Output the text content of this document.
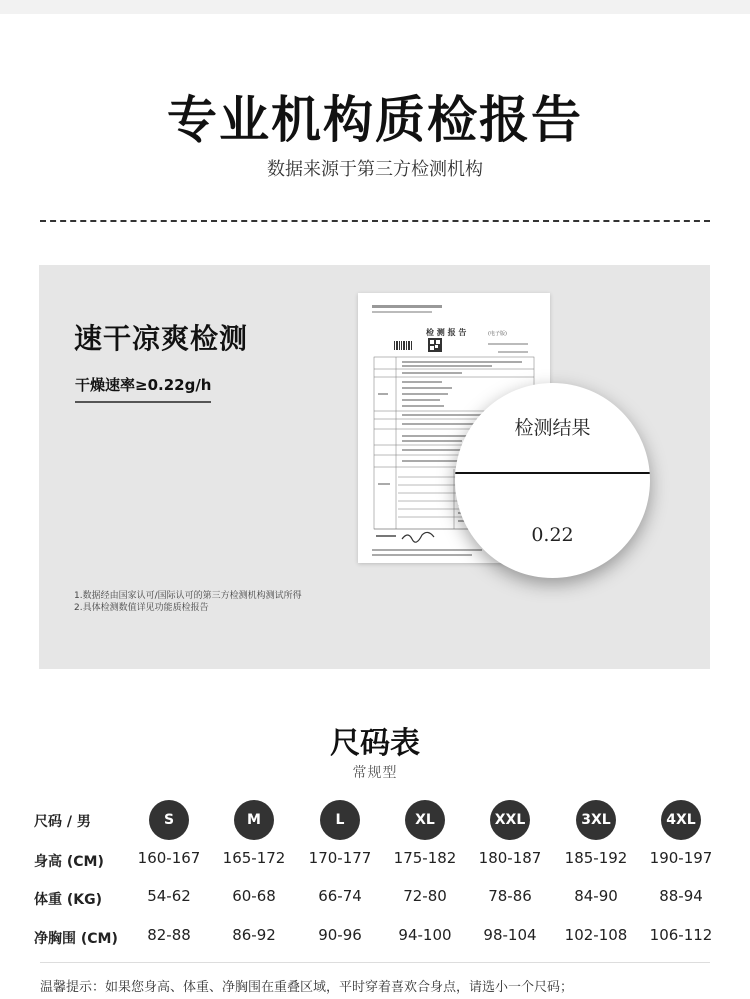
专业机构质检报告
数据来源于第三方检测机构
速干凉爽检测
干燥速率≥0.22g/h
1.数据经由国家认可/国际认可的第三方检测机构测试所得
2.具体检测数值详见功能质检报告
检 测 报 告	(电子版)
检测结果
0.22
尺码表
常规型
尺码 / 男	S	M	L	XL	XXL	3XL	4XL
身高 (CM)	160-167	165-172	170-177	175-182	180-187	185-192	190-197
体重 (KG)	54-62	60-68	66-74	72-80	78-86	84-90	88-94
净胸围 (CM)	82-88	86-92	90-96	94-100	98-104	102-108	106-112
温馨提示：如果您身高、体重、净胸围在重叠区域，平时穿着喜欢合身点，请选小一个尺码；
